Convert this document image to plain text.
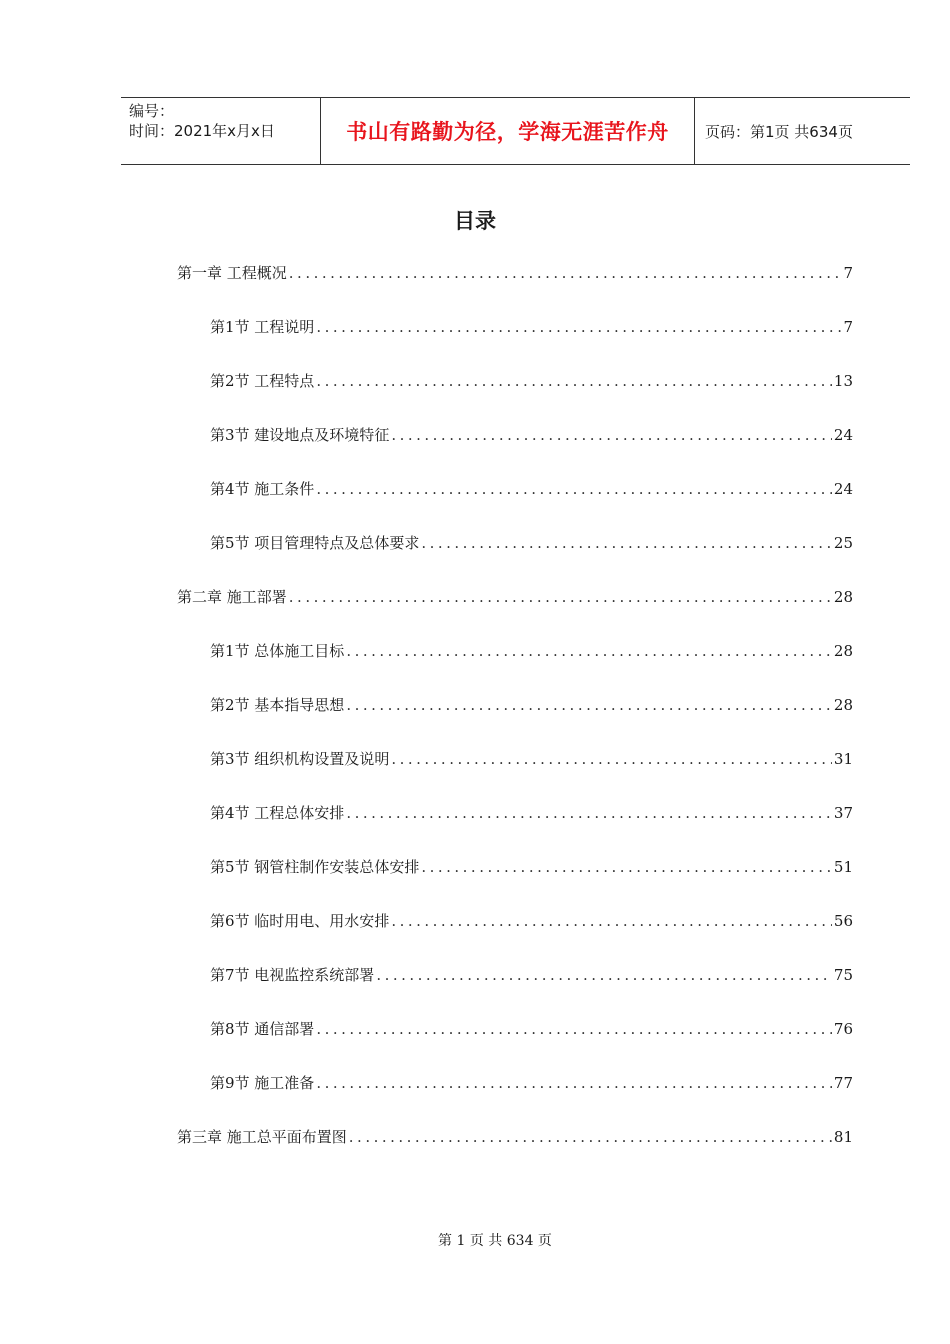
编号：
时间：2021年x月x日	书山有路勤为径，学海无涯苦作舟	页码：第1页 共634页
目录
第一章 工程概况 .....	7
第1节 工程说明 .....	7
第2节 工程特点 .....	13
第3节 建设地点及环境特征 .....	24
第4节 施工条件 .....	24
第5节 项目管理特点及总体要求 .....	25
第二章 施工部署 .....	28
第1节 总体施工目标 .....	28
第2节 基本指导思想 .....	28
第3节 组织机构设置及说明 .....	31
第4节 工程总体安排 .....	37
第5节 钢管柱制作安装总体安排 .....	51
第6节 临时用电、用水安排 .....	56
第7节 电视监控系统部署 .....	75
第8节 通信部署 .....	76
第9节 施工准备 .....	77
第三章 施工总平面布置图 .....	81
第 1 页 共 634 页
